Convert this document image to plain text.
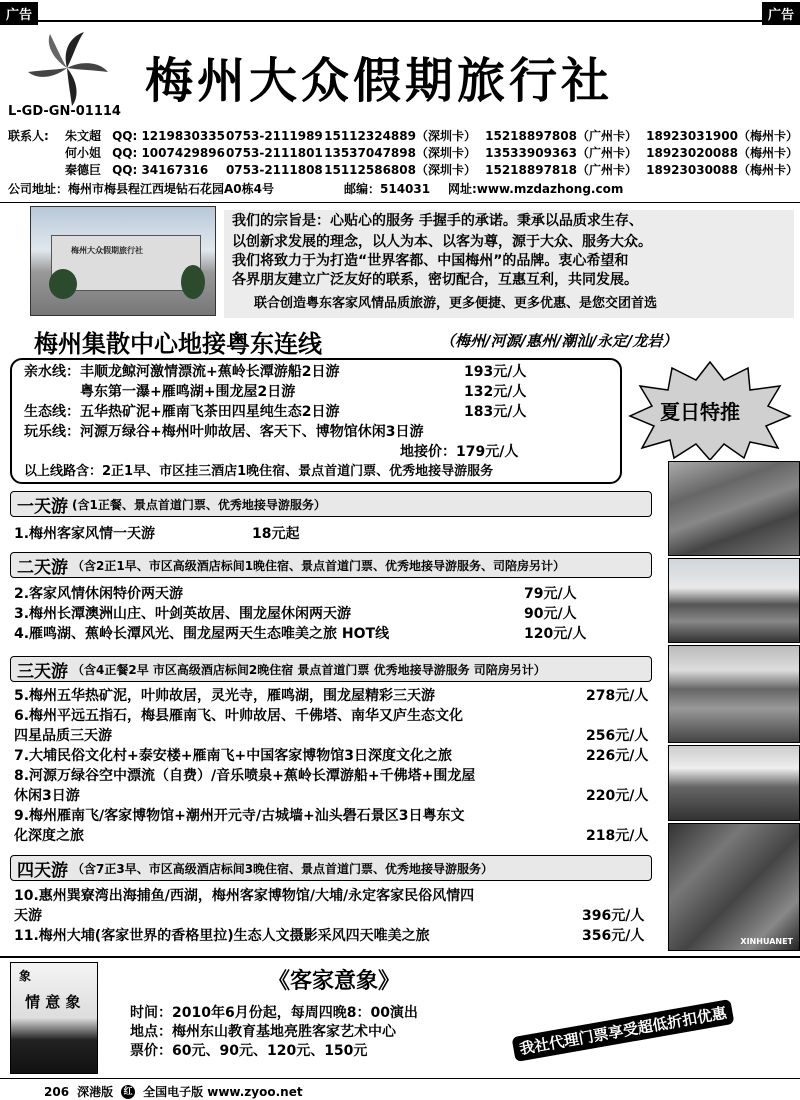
广告	广告
L-GD-GN-01114
梅州大众假期旅行社
联系人:	朱文超 QQ: 1219830335 0753-2111989 15112324889（深圳卡） 15218897808（广州卡） 18923031900（梅州卡）
何小姐 QQ: 1007429896 0753-2111801 13537047898（深圳卡） 13533909363（广州卡） 18923020088（梅州卡）
秦德巨 QQ: 34167316	0753-2111808 15112586808（深圳卡） 15218897818（广州卡） 18923030088（梅州卡）
公司地址：梅州市梅县程江西堤钻石花园A0栋4号	邮编：514031	网址:www.mzdazhong.com
梅州大众假期旅行社
我们的宗旨是：心贴心的服务 手握手的承诺。秉承以品质求生存、
以创新求发展的理念，以人为本、以客为尊，源于大众、服务大众。
我们将致力于为打造“世界客都、中国梅州”的品牌。衷心希望和
各界朋友建立广泛友好的联系，密切配合，互惠互利，共同发展。
联合创造粤东客家风情品质旅游，更多便捷、更多优惠、是您交团首选
梅州集散中心地接粤东连线	（梅州/河源/惠州/潮汕/永定/龙岩）
亲水线：丰顺龙鲸河激情漂流+蕉岭长潭游船2日游	193元/人
粤东第一瀑+雁鸣湖+围龙屋2日游	132元/人
生态线：五华热矿泥+雁南飞茶田四星纯生态2日游	183元/人
玩乐线：河源万绿谷+梅州叶帅故居、客天下、博物馆休闲3日游
地接价：179元/人
以上线路含：2正1早、市区挂三酒店1晚住宿、景点首道门票、优秀地接导游服务
夏日特推
XINHUANET
一天游 (含1正餐、景点首道门票、优秀地接导游服务）
1.梅州客家风情一天游	18元起
二天游 （含2正1早、市区高级酒店标间1晚住宿、景点首道门票、优秀地接导游服务、司陪房另计）
2.客家风情休闲特价两天游	79元/人
3.梅州长潭澳洲山庄、叶剑英故居、围龙屋休闲两天游	90元/人
4.雁鸣湖、蕉岭长潭风光、围龙屋两天生态唯美之旅 HOT线	120元/人
三天游 （含4正餐2早 市区高级酒店标间2晚住宿 景点首道门票 优秀地接导游服务 司陪房另计）
5.梅州五华热矿泥，叶帅故居，灵光寺，雁鸣湖，围龙屋精彩三天游	278元/人
6.梅州平远五指石，梅县雁南飞、叶帅故居、千佛塔、南华又庐生态文化
四星品质三天游	256元/人
7.大埔民俗文化村+泰安楼+雁南飞+中国客家博物馆3日深度文化之旅	226元/人
8.河源万绿谷空中漂流（自费）/音乐喷泉+蕉岭长潭游船+千佛塔+围龙屋
休闲3日游	220元/人
9.梅州雁南飞/客家博物馆+潮州开元寺/古城墙+汕头礐石景区3日粤东文
化深度之旅	218元/人
四天游 （含7正3早、市区高级酒店标间3晚住宿、景点首道门票、优秀地接导游服务）
10.惠州巽寮湾出海捕鱼/西湖，梅州客家博物馆/大埔/永定客家民俗风情四
天游	396元/人
11.梅州大埔(客家世界的香格里拉)生态人文摄影采风四天唯美之旅	356元/人
象
情 意 象
《客家意象》
时间：2010年6月份起，每周四晚8：00演出
地点：梅州东山教育基地亮胜客家艺术中心
票价：60元、90元、120元、150元	我社代理门票享受超低折扣优惠
206 深港版 红 全国电子版 www.zyoo.net
